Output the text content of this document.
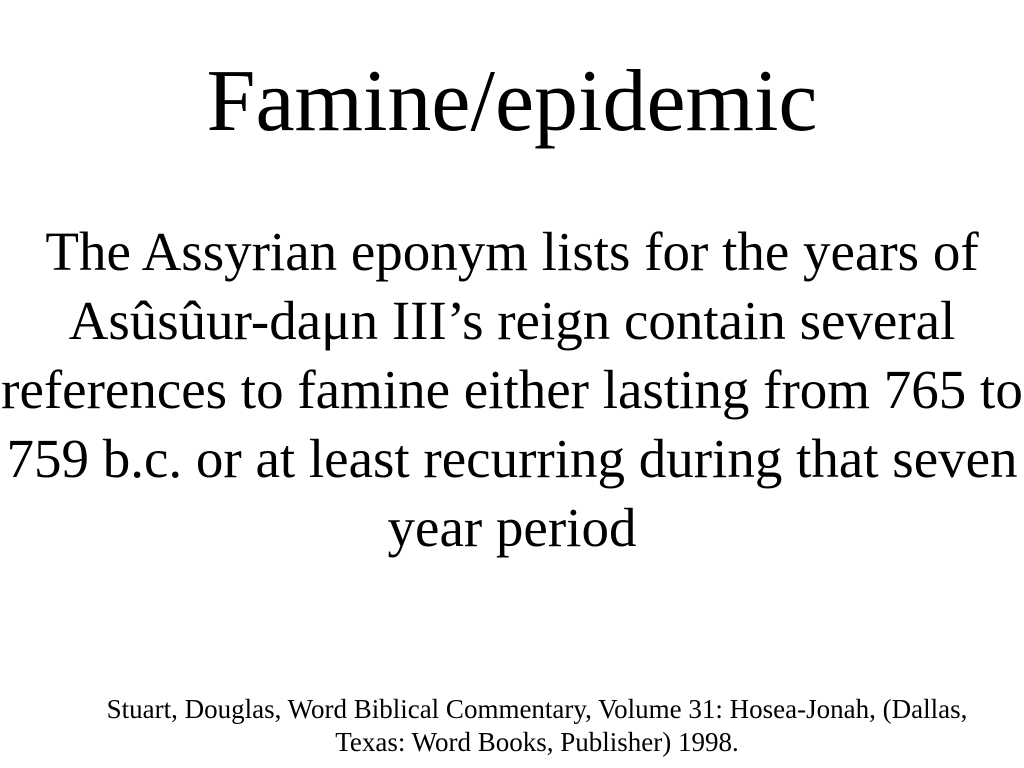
Famine/epidemic

The Assyrian eponym lists for the years of Asûsûur-daμn III’s reign contain several references to famine either lasting from 765 to 759 b.c. or at least recurring during that seven year period

Stuart, Douglas, Word Biblical Commentary, Volume 31: Hosea-Jonah, (Dallas, Texas: Word Books, Publisher) 1998.
